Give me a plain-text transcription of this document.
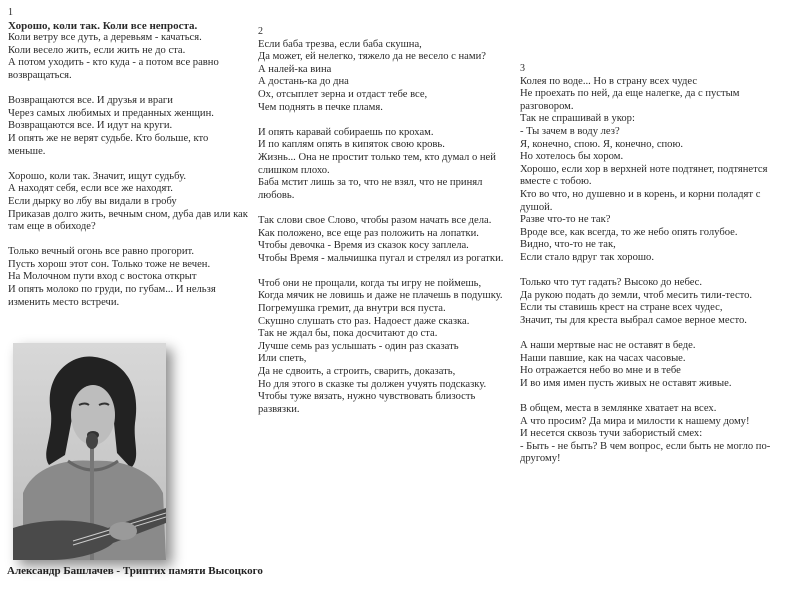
1
Хорошо, коли так. Коли все непроста.
Коли ветру все дуть, а деревьям - качаться.
Коли весело жить, если жить не до ста.
А потом уходить - кто куда - а потом все равно возвращаться.
Возвращаются все. И друзья и враги
Через самых любимых и преданных женщин.
Возвращаются все. И идут на круги.
И опять же не верят судьбе. Кто больше, кто меньше.
Хорошо, коли так. Значит, ищут судьбу.
А находят себя, если все же находят.
Если дырку во лбу вы видали в гробу
Приказав долго жить, вечным сном, дуба дав или как там еще в обиходе?
Только вечный огонь все равно прогорит.
Пусть хорош этот сон. Только тоже не вечен.
На Молочном пути вход с востока открыт
И опять молоко по груди, по губам... И нельзя изменить место встречи.
2
Если баба трезва, если баба скушна,
Да может, ей нелегко, тяжело да не весело с нами?
А налей-ка вина
А достань-ка до дна
Ох, отсыплет зерна и отдаст тебе все,
Чем поднять в печке пламя.
И опять каравай собираешь по крохам.
И по каплям опять в кипяток свою кровь.
Жизнь... Она не простит только тем, кто думал о ней слишком плохо.
Баба мстит лишь за то, что не взял, что не принял любовь.
Так слови свое Слово, чтобы разом начать все дела.
Как положено, все еще раз положить на лопатки.
Чтобы девочка - Время из сказок косу заплела.
Чтобы Время - мальчишка пугал и стрелял из рогатки.
Чтоб они не прощали, когда ты игру не поймешь,
Когда мячик не ловишь и даже не плачешь в подушку.
Погремушка гремит, да внутри вся пуста.
Скушно слушать сто раз. Надоест даже сказка.
Так не ждал бы, пока досчитают до ста.
Лучше семь раз услышать - один раз сказать
Или спеть,
Да не сдвоить, а строить, сварить, доказать,
Но для этого в сказке ты должен учуять подсказку.
Чтобы туже вязать, нужно чувствовать близость развязки.
3
Колея по воде... Но в страну всех чудес
Не проехать по ней, да еще налегке, да с пустым разговором.
Так не спрашивай в укор:
- Ты зачем в воду лез?
Я, конечно, спою. Я, конечно, спою.
Но хотелось бы хором.
Хорошо, если хор в верхней ноте подтянет, подтянется вместе с тобою.
Кто во что, но душевно и в корень, и корни поладят с душой.
Разве что-то не так?
Вроде все, как всегда, то же небо опять голубое.
Видно, что-то не так,
Если стало вдруг так хорошо.
Только что тут гадать? Высоко до небес.
Да рукою подать до земли, чтоб месить тили-тесто.
Если ты ставишь крест на стране всех чудес,
Значит, ты для креста выбрал самое верное место.
А наши мертвые нас не оставят в беде.
Наши павшие, как на часах часовые.
Но отражается небо во мне и в тебе
И во имя имен пусть живых не оставят живые.
В общем, места в землянке хватает на всех.
А что просим? Да мира и милости к нашему дому!
И несется сквозь тучи забористый смех:
- Быть - не быть? В чем вопрос, если быть не могло по-другому!
Александр Башлачев - Триптих памяти Высоцкого
